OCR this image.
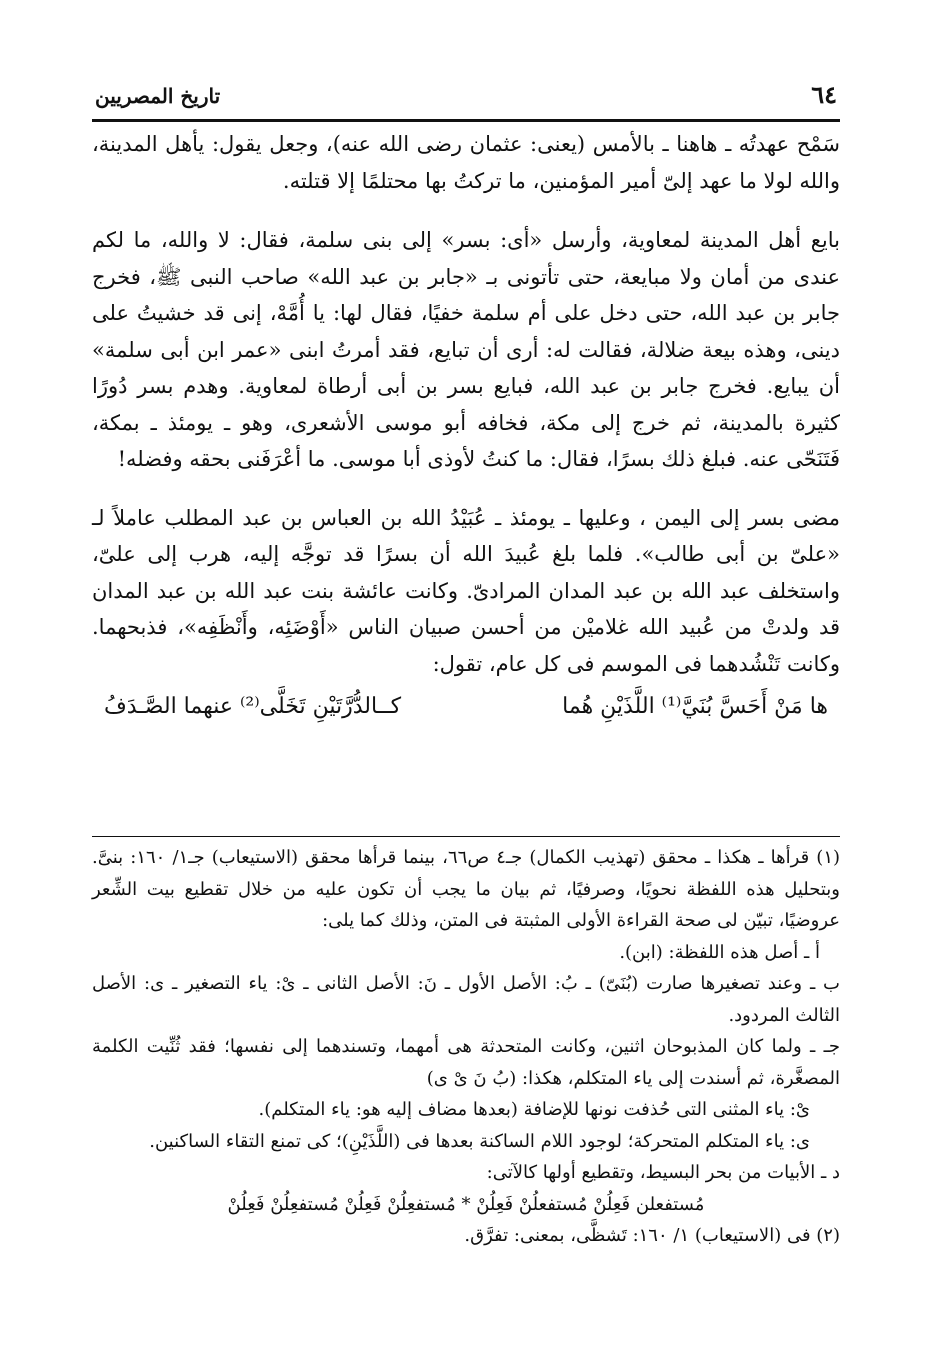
٦٤
تاريخ المصريين

سَمْح عهدتُه ـ هاهنا ـ بالأمس (يعنى: عثمان رضى الله عنه)، وجعل يقول: يأهل المدينة، والله لولا ما عهد إلىّ أمير المؤمنين، ما تركتُ بها محتلمًا إلا قتلته.

بايع أهل المدينة لمعاوية، وأرسل «أى: بسر» إلى بنى سلمة، فقال: لا والله، ما لكم عندى من أمان ولا مبايعة، حتى تأتونى بـ «جابر بن عبد الله» صاحب النبى ﷺ، فخرج جابر بن عبد الله، حتى دخل على أم سلمة خفيًا، فقال لها: يا أُمَّهْ، إنى قد خشيتُ على دينى، وهذه بيعة ضلالة، فقالت له: أرى أن تبايع، فقد أمرتُ ابنى «عمر ابن أبى سلمة» أن يبايع. فخرج جابر بن عبد الله، فبايع بسر بن أبى أرطاة لمعاوية. وهدم بسر دُورًا كثيرة بالمدينة، ثم خرج إلى مكة، فخافه أبو موسى الأشعرى، وهو ـ يومئذ ـ بمكة، فَتَنَحّى عنه. فبلغ ذلك بسرًا، فقال: ما كنتُ لأوذى أبا موسى. ما أعْرَفَنى بحقه وفضله!

مضى بسر إلى اليمن ، وعليها ـ يومئذ ـ عُبَيْدُ الله بن العباس بن عبد المطلب عاملاً لـ «علىّ بن أبى طالب». فلما بلغ عُبيدَ الله أن بسرًا قد توجَّه إليه، هرب إلى علىّ، واستخلف عبد الله بن عبد المدان المرادىّ. وكانت عائشة بنت عبد الله بن عبد المدان قد ولدتْ من عُبيد الله غلاميْن من أحسن صبيان الناس «أَوْضَئِه، وأَنْظَفِه»، فذبحهما. وكانت تَنْشُدهما فى الموسم فى كل عام، تقول:

ها مَنْ أَحَسَّ بُنَيَّ⁽¹⁾ اللَّذَيْنِ هُما
كــالدُّرَّتَيْنِ تَخَلَّى⁽²⁾ عنهما الصَّـدَفُ

(١) قرأها ـ هكذا ـ محقق (تهذيب الكمال) جـ٤ ص٦٦، بينما قرأها محقق (الاستيعاب) جـ١/ ١٦٠: بنىَّ. وبتحليل هذه اللفظة نحويًا، وصرفيًا، ثم بيان ما يجب أن تكون عليه من خلال تقطيع بيت الشِّعر عروضيًا، تبيّن لى صحة القراءة الأولى المثبتة فى المتن، وذلك كما يلى:

أ ـ أصل هذه اللفظة: (ابن).

ب ـ وعند تصغيرها صارت (بُنَىّ) ـ بُ: الأصل الأول ـ نَ: الأصل الثانى ـ ىْ: ياء التصغير ـ ى: الأصل الثالث المردود.

جـ ـ ولما كان المذبوحان اثنين، وكانت المتحدثة هى أمهما، وتسندهما إلى نفسها؛ فقد ثُنِّيت الكلمة المصغَّرة، ثم أسندت إلى ياء المتكلم، هكذا: (بُ نَ ىْ ى)

ىْ: ياء المثنى التى حُذفت نونها للإضافة (بعدها مضاف إليه هو: ياء المتكلم).

ى: ياء المتكلم المتحركة؛ لوجود اللام الساكنة بعدها فى (اللَّذَيْنِ)؛ كى تمنع التقاء الساكنين.

د ـ الأبيات من بحر البسيط، وتقطيع أولها كالآتى:

مُستفعلن فَعِلُنْ مُستفعلُنْ فَعِلُنْ * مُستفعِلُنْ فَعِلُنْ مُستفعِلُنْ فَعِلُنْ

(٢) فى (الاستيعاب) ١/ ١٦٠: تَشظَّى، بمعنى: تفرَّق.
